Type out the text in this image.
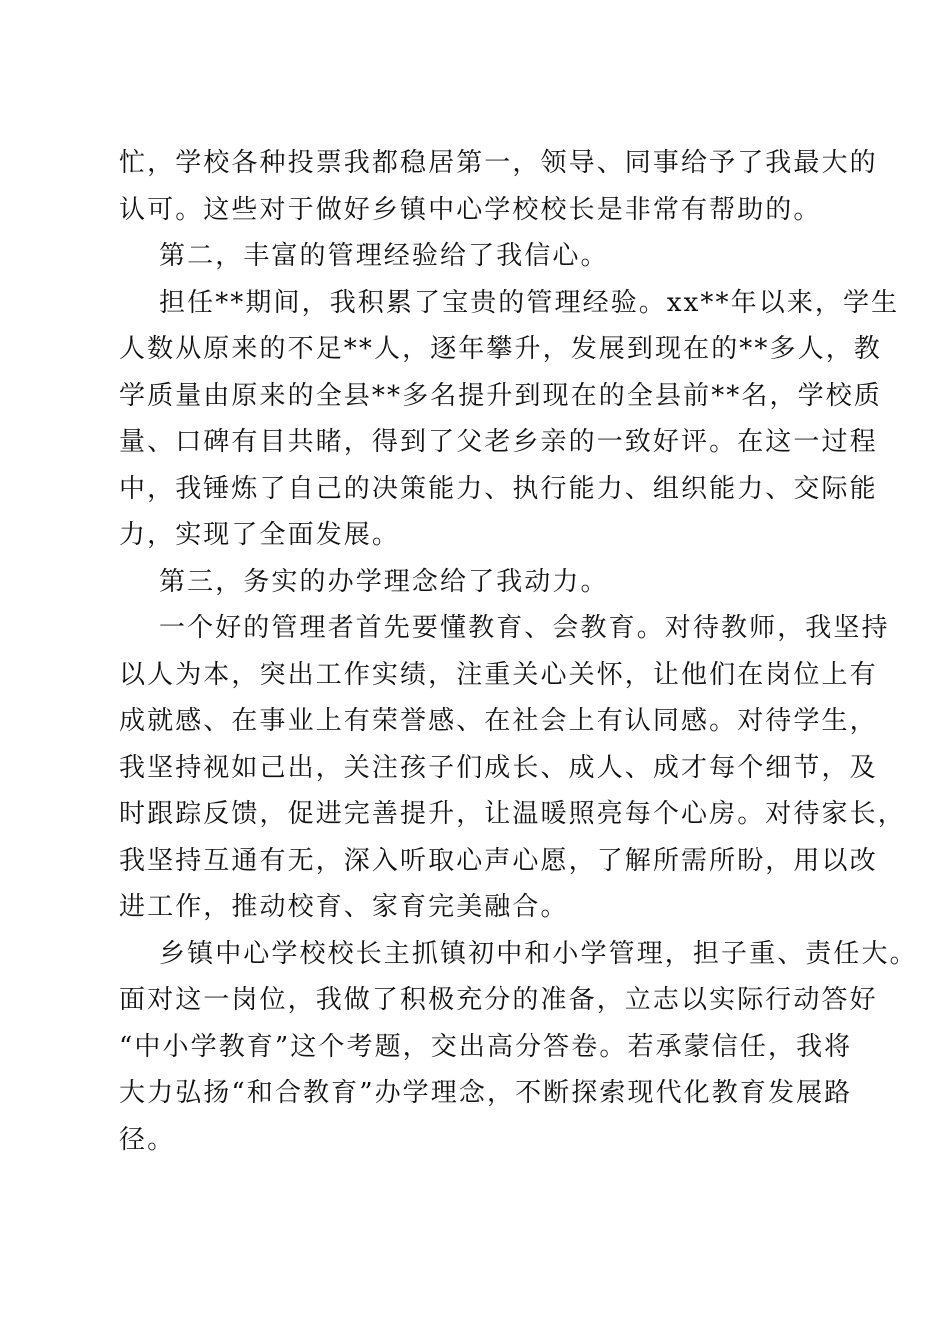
忙，学校各种投票我都稳居第一，领导、同事给予了我最大的
认可。这些对于做好乡镇中心学校校长是非常有帮助的。
第二，丰富的管理经验给了我信心。
担任**期间，我积累了宝贵的管理经验。xx**年以来，学生
人数从原来的不足**人，逐年攀升，发展到现在的**多人，教
学质量由原来的全县**多名提升到现在的全县前**名，学校质
量、口碑有目共睹，得到了父老乡亲的一致好评。在这一过程
中，我锤炼了自己的决策能力、执行能力、组织能力、交际能
力，实现了全面发展。
第三，务实的办学理念给了我动力。
一个好的管理者首先要懂教育、会教育。对待教师，我坚持
以人为本，突出工作实绩，注重关心关怀，让他们在岗位上有
成就感、在事业上有荣誉感、在社会上有认同感。对待学生，
我坚持视如己出，关注孩子们成长、成人、成才每个细节，及
时跟踪反馈，促进完善提升，让温暖照亮每个心房。对待家长，
我坚持互通有无，深入听取心声心愿，了解所需所盼，用以改
进工作，推动校育、家育完美融合。
乡镇中心学校校长主抓镇初中和小学管理，担子重、责任大。
面对这一岗位，我做了积极充分的准备，立志以实际行动答好
“中小学教育”这个考题，交出高分答卷。若承蒙信任，我将
大力弘扬“和合教育”办学理念，不断探索现代化教育发展路
径。
